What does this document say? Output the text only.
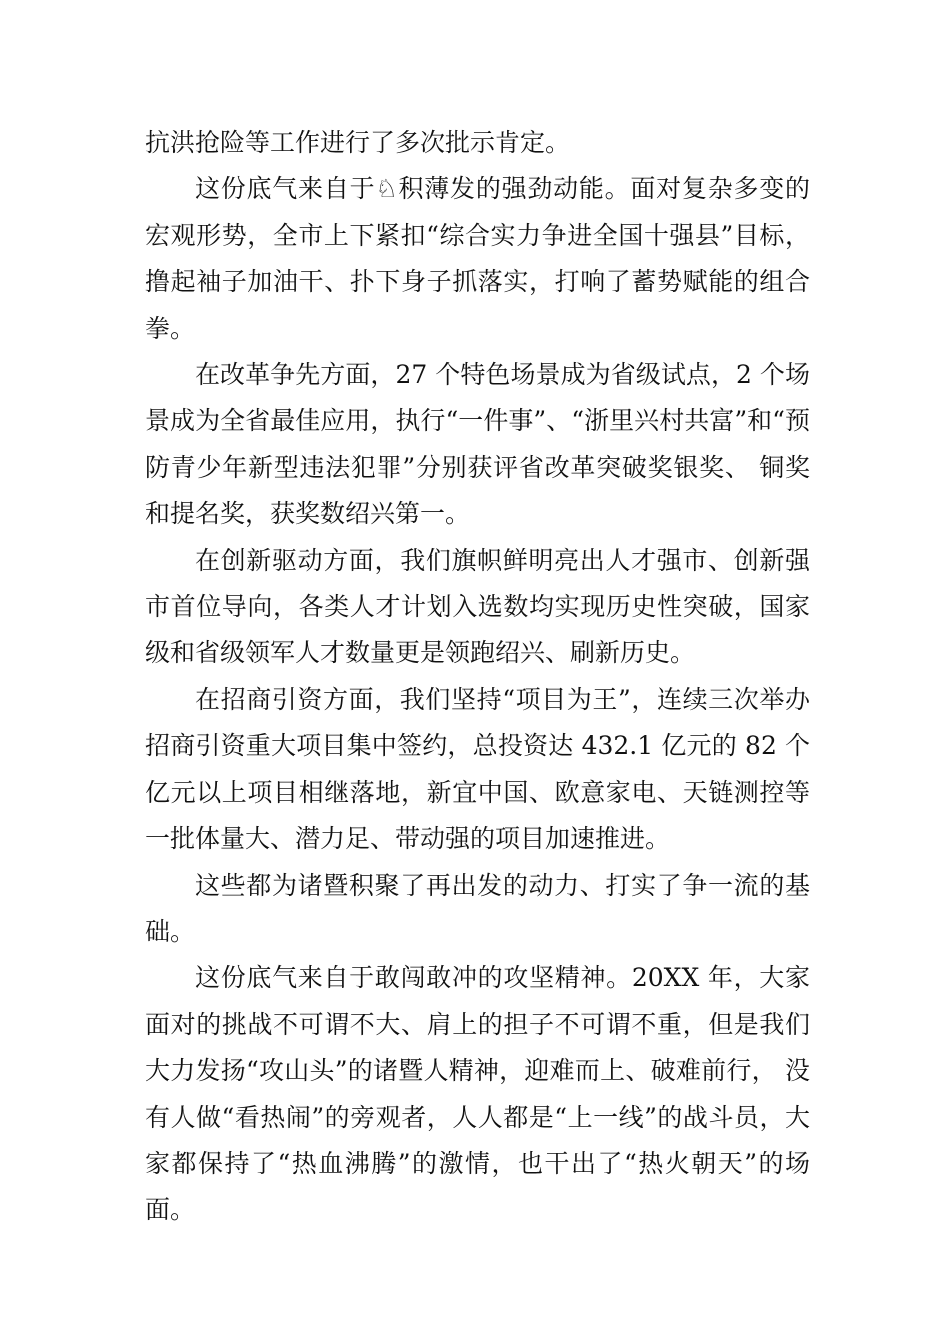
抗洪抢险等工作进行了多次批示肯定。

这份底气来自于♘积薄发的强劲动能。面对复杂多变的宏观形势，全市上下紧扣“综合实力争进全国十强县”目标， 撸起袖子加油干、扑下身子抓落实，打响了蓄势赋能的组合拳。

在改革争先方面，27 个特色场景成为省级试点，2 个场景成为全省最佳应用，执行“一件事”、“浙里兴村共富”和“预防青少年新型违法犯罪”分别获评省改革突破奖银奖、 铜奖和提名奖，获奖数绍兴第一。

在创新驱动方面，我们旗帜鲜明亮出人才强市、创新强市首位导向，各类人才计划入选数均实现历史性突破，国家级和省级领军人才数量更是领跑绍兴、刷新历史。

在招商引资方面，我们坚持“项目为王”，连续三次举办招商引资重大项目集中签约，总投资达 432.1 亿元的 82 个亿元以上项目相继落地，新宜中国、欧意家电、天链测控等一批体量大、潜力足、带动强的项目加速推进。

这些都为诸暨积聚了再出发的动力、打实了争一流的基础。

这份底气来自于敢闯敢冲的攻坚精神。20XX 年，大家面对的挑战不可谓不大、肩上的担子不可谓不重，但是我们大力发扬“攻山头”的诸暨人精神，迎难而上、破难前行， 没有人做“看热闹”的旁观者，人人都是“上一线”的战斗员，大家都保持了“热血沸腾”的激情，也干出了“热火朝天”的场面。
